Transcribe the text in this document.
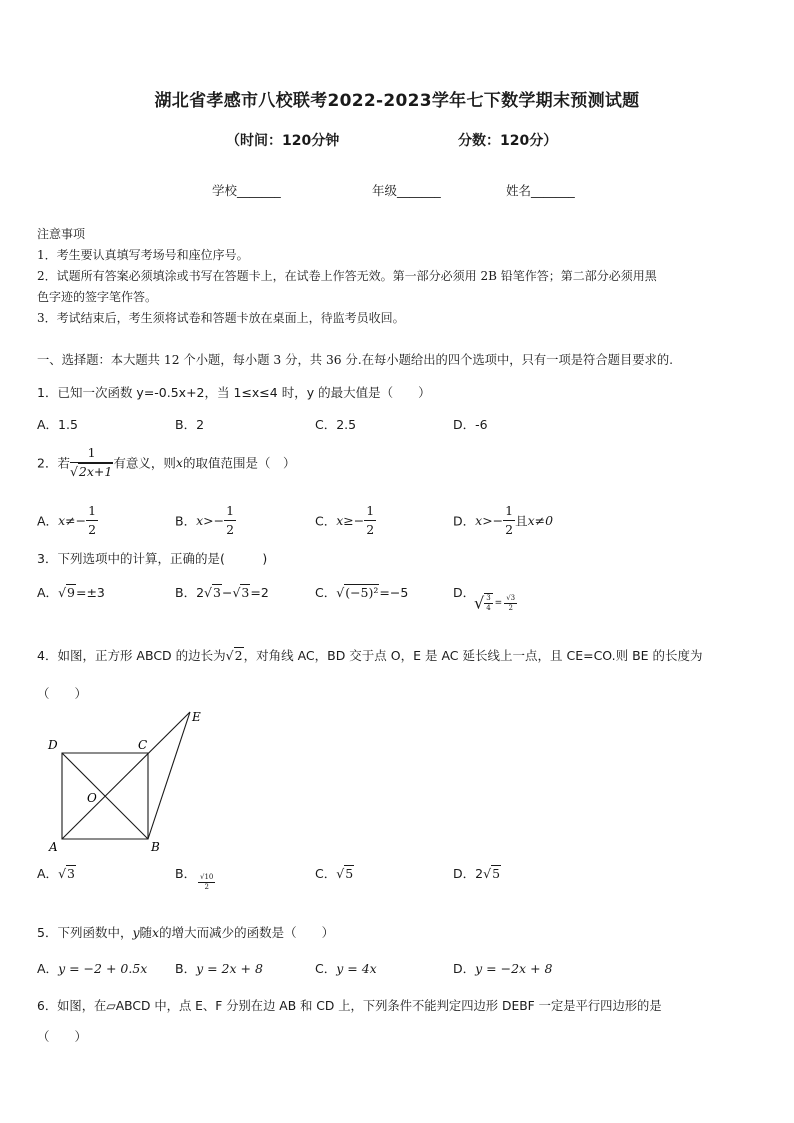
湖北省孝感市八校联考2022-2023学年七下数学期末预测试题
（时间：120分钟	分数：120分）
学校_______	年级_______	姓名_______
注意事项
1．考生要认真填写考场号和座位序号。
2．试题所有答案必须填涂或书写在答题卡上，在试卷上作答无效。第一部分必须用 2B 铅笔作答；第二部分必须用黑
色字迹的签字笔作答。
3．考试结束后，考生须将试卷和答题卡放在桌面上，待监考员收回。
一、选择题：本大题共 12 个小题，每小题 3 分，共 36 分.在每小题给出的四个选项中，只有一项是符合题目要求的.
1．已知一次函数 y=-0.5x+2，当 1≤x≤4 时，y 的最大值是（　　）
A．1.5	B．2	C．2.5	D．-6
2．若 $\frac{1}{√2x+1}$ 有意义，则x的取值范围是（　）
A．$x\ne- \frac{1}{2}$	B．$x>- \frac{1}{2}$	C．$x\ge- \frac{1}{2}$	D．$x>- \frac{1}{2}$ 且x≠0
3．下列选项中的计算，正确的是(　　　)
A．√9=±3	B．2√3−√3=2	C．√(−5)²=−5	D．
√ $\frac{3}{4} = \frac{√3}{2}$
4．如图，正方形 ABCD 的边长为√2，对角线 AC，BD 交于点 O，E 是 AC 延长线上一点，且 CE=CO.则 BE 的长度为
（　　）
D	C
E
O
A	B
A．√3	B． $\frac{√10}{2}$	C．√5	D．2√5
5．下列函数中，y随x的增大而减少的函数是（　　）
A．y = −2 + 0.5x B．y = 2x + 8	C．y = 4x	D．y = −2x + 8
6．如图，在▱ABCD 中，点 E、F 分别在边 AB 和 CD 上，下列条件不能判定四边形 DEBF 一定是平行四边形的是
（　　）
